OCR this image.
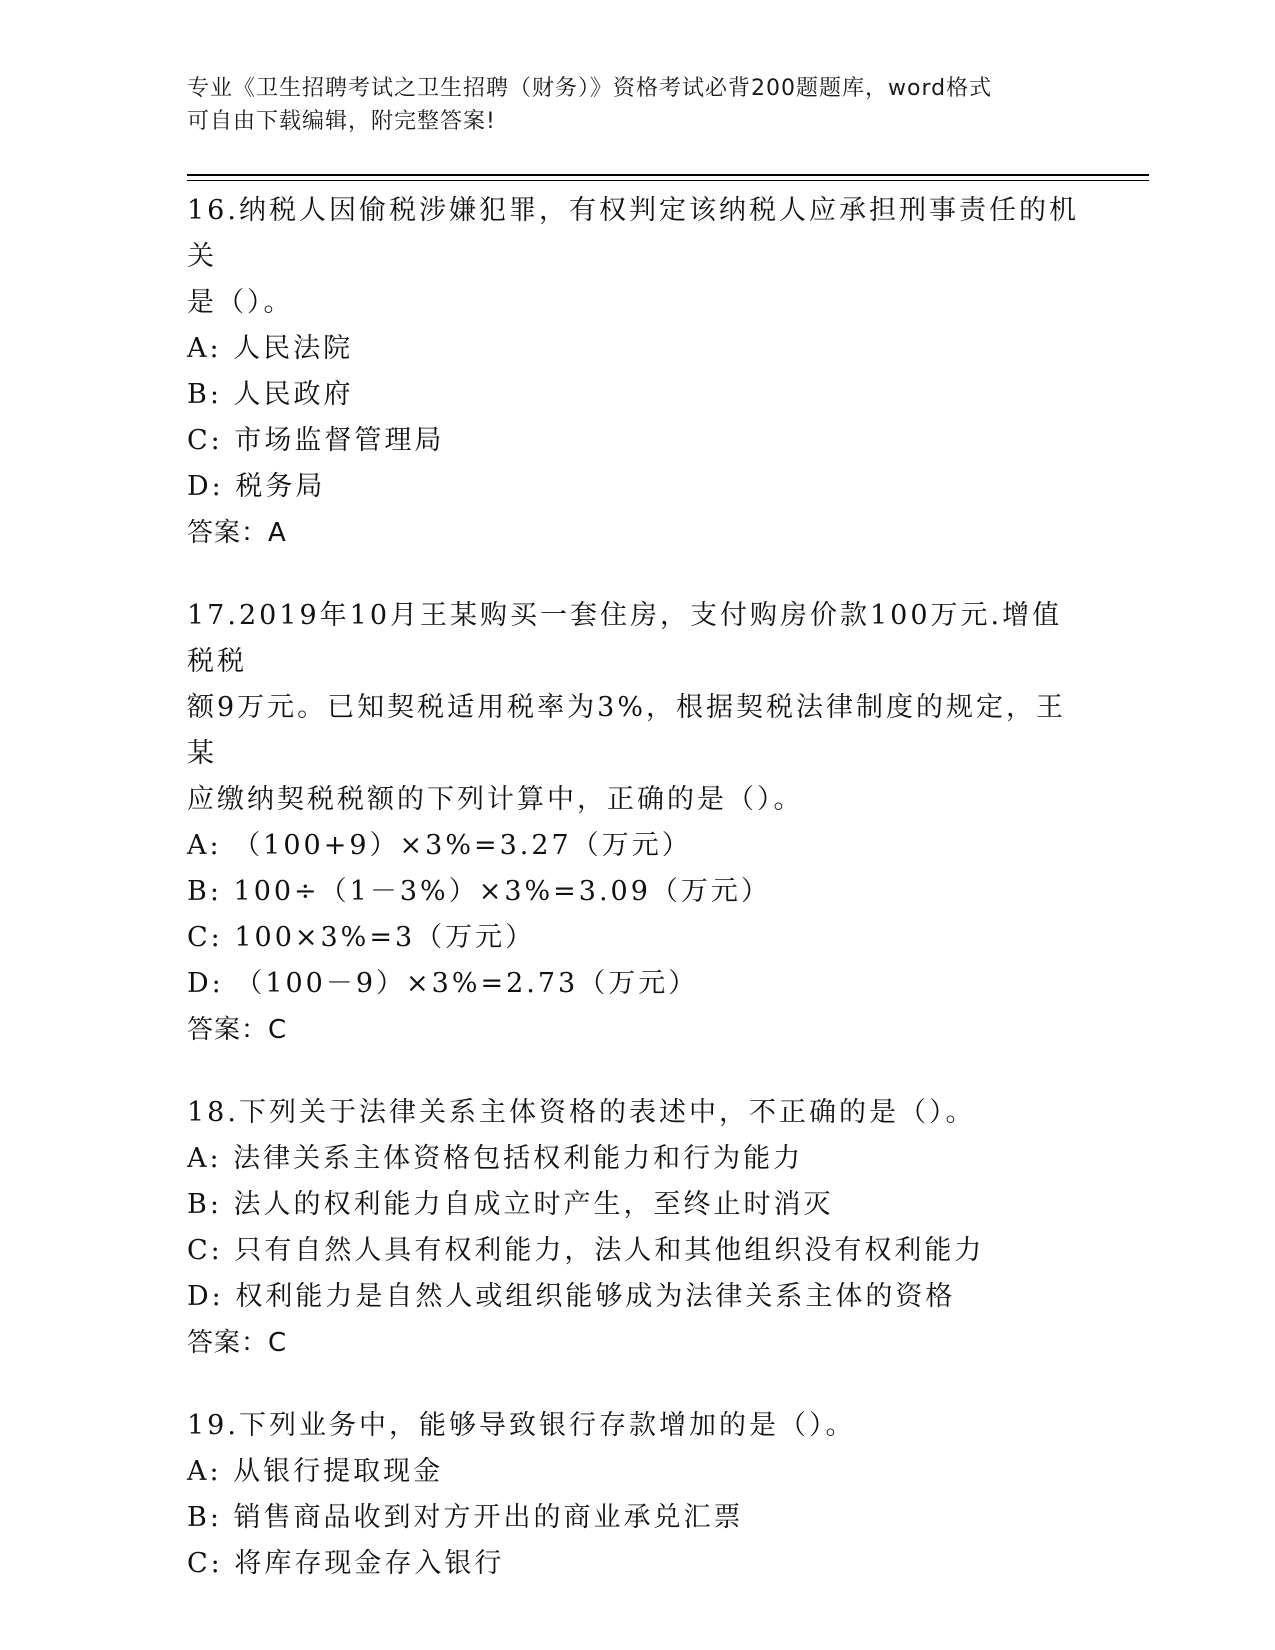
专业《卫生招聘考试之卫生招聘（财务）》资格考试必背200题题库，word格式
可自由下载编辑，附完整答案!
16.纳税人因偷税涉嫌犯罪，有权判定该纳税人应承担刑事责任的机关
是（）。
A: 人民法院
B: 人民政府
C: 市场监督管理局
D: 税务局
答案：A
17.2019年10月王某购买一套住房，支付购房价款100万元.增值税税
额9万元。已知契税适用税率为3%，根据契税法律制度的规定，王某
应缴纳契税税额的下列计算中，正确的是（）。
A: （100+9）×3%=3.27（万元）
B: 100÷（1－3%）×3%=3.09（万元）
C: 100×3%=3（万元）
D: （100－9）×3%=2.73（万元）
答案：C
18.下列关于法律关系主体资格的表述中，不正确的是（）。
A: 法律关系主体资格包括权利能力和行为能力
B: 法人的权利能力自成立时产生，至终止时消灭
C: 只有自然人具有权利能力，法人和其他组织没有权利能力
D: 权利能力是自然人或组织能够成为法律关系主体的资格
答案：C
19.下列业务中，能够导致银行存款增加的是（）。
A: 从银行提取现金
B: 销售商品收到对方开出的商业承兑汇票
C: 将库存现金存入银行
